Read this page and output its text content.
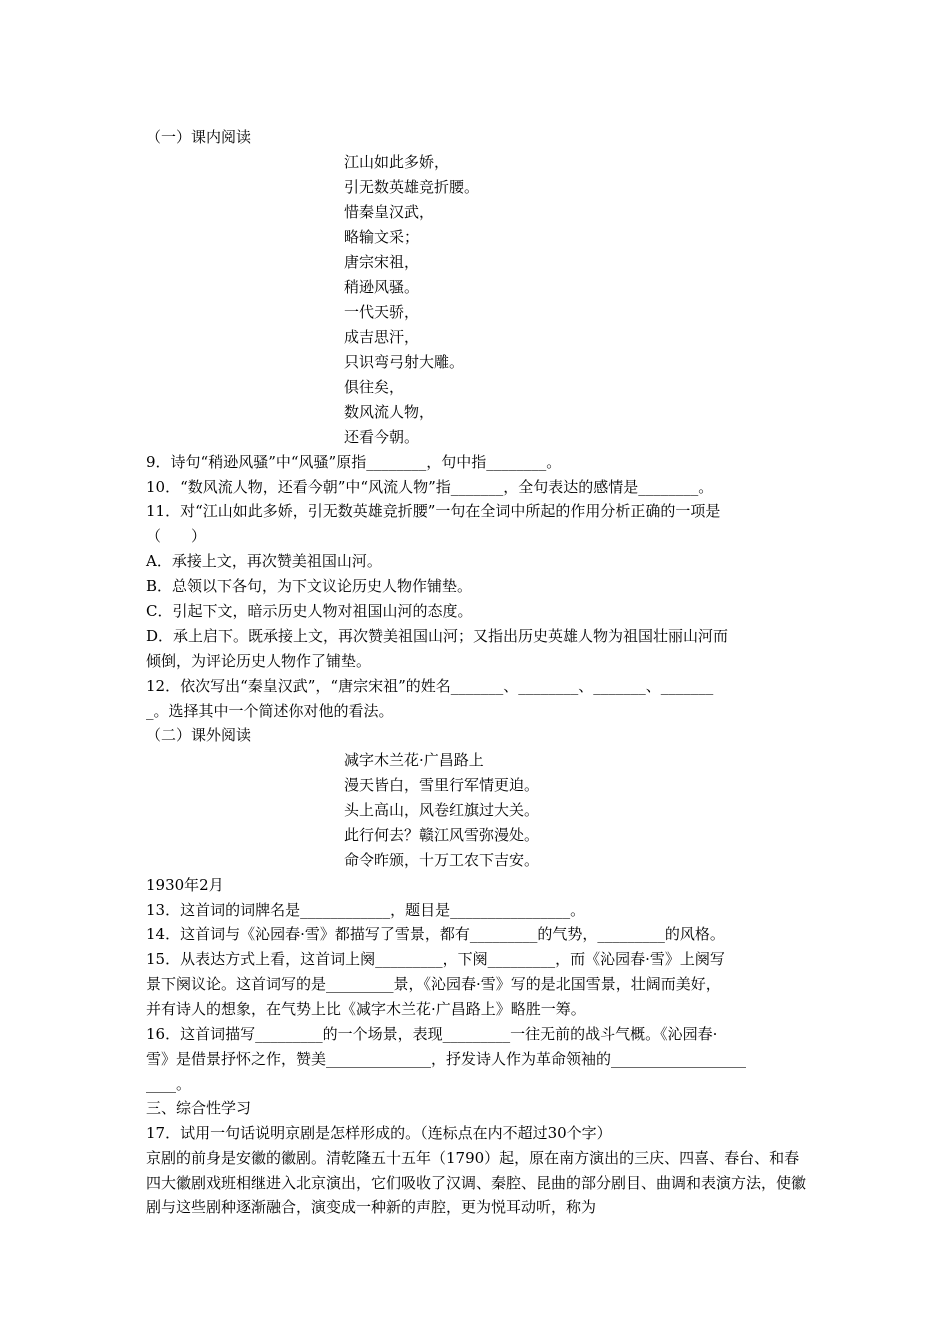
（一）课内阅读
江山如此多娇，
引无数英雄竞折腰。
惜秦皇汉武，
略输文采；
唐宗宋祖，
稍逊风骚。
一代天骄，
成吉思汗，
只识弯弓射大雕。
俱往矣，
数风流人物，
还看今朝。
9．诗句“稍逊风骚”中“风骚”原指________，句中指________。
10．“数风流人物，还看今朝”中“风流人物”指_______，全句表达的感情是________。
11．对“江山如此多娇，引无数英雄竞折腰”一句在全词中所起的作用分析正确的一项是
（　　）
A．承接上文，再次赞美祖国山河。
B．总领以下各句，为下文议论历史人物作铺垫。
C．引起下文，暗示历史人物对祖国山河的态度。
D．承上启下。既承接上文，再次赞美祖国山河；又指出历史英雄人物为祖国壮丽山河而
倾倒，为评论历史人物作了铺垫。
12．依次写出“秦皇汉武”，“唐宗宋祖”的姓名_______、________、_______、_______
_。选择其中一个简述你对他的看法。
（二）课外阅读
减字木兰花·广昌路上
漫天皆白，雪里行军情更迫。
头上高山，风卷红旗过大关。
此行何去？赣江风雪弥漫处。
命令昨颁，十万工农下吉安。
1930年2月
13．这首词的词牌名是____________，题目是________________。
14．这首词与《沁园春·雪》都描写了雪景，都有_________的气势，_________的风格。
15．从表达方式上看，这首词上阕_________，下阕_________，而《沁园春·雪》上阕写
景下阕议论。这首词写的是_________景，《沁园春·雪》写的是北国雪景，壮阔而美好，
并有诗人的想象，在气势上比《减字木兰花·广昌路上》略胜一筹。
16．这首词描写_________的一个场景，表现_________一往无前的战斗气概。《沁园春·
雪》是借景抒怀之作，赞美______________，抒发诗人作为革命领袖的__________________
____。
三、综合性学习
17．试用一句话说明京剧是怎样形成的。（连标点在内不超过30个字）
京剧的前身是安徽的徽剧。清乾隆五十五年（1790）起，原在南方演出的三庆、四喜、春台、和春四大徽剧戏班相继进入北京演出，它们吸收了汉调、秦腔、昆曲的部分剧目、曲调和表演方法，使徽剧与这些剧种逐渐融合，演变成一种新的声腔，更为悦耳动听，称为
